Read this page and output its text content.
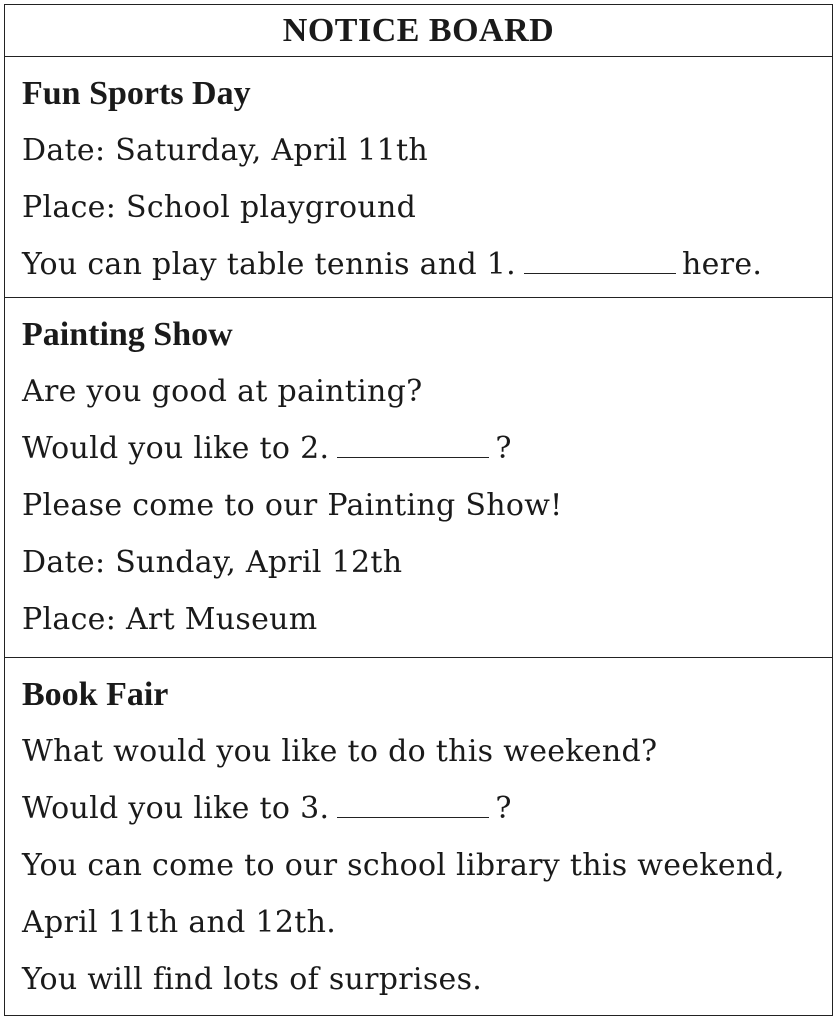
NOTICE BOARD
Fun Sports Day
Date: Saturday, April 11th
Place: School playground
You can play table tennis and 1.	here.
Painting Show
Are you good at painting?
Would you like to 2.	?
Please come to our Painting Show!
Date: Sunday, April 12th
Place: Art Museum
Book Fair
What would you like to do this weekend?
Would you like to 3.	?
You can come to our school library this weekend,
April 11th and 12th.
You will find lots of surprises.
